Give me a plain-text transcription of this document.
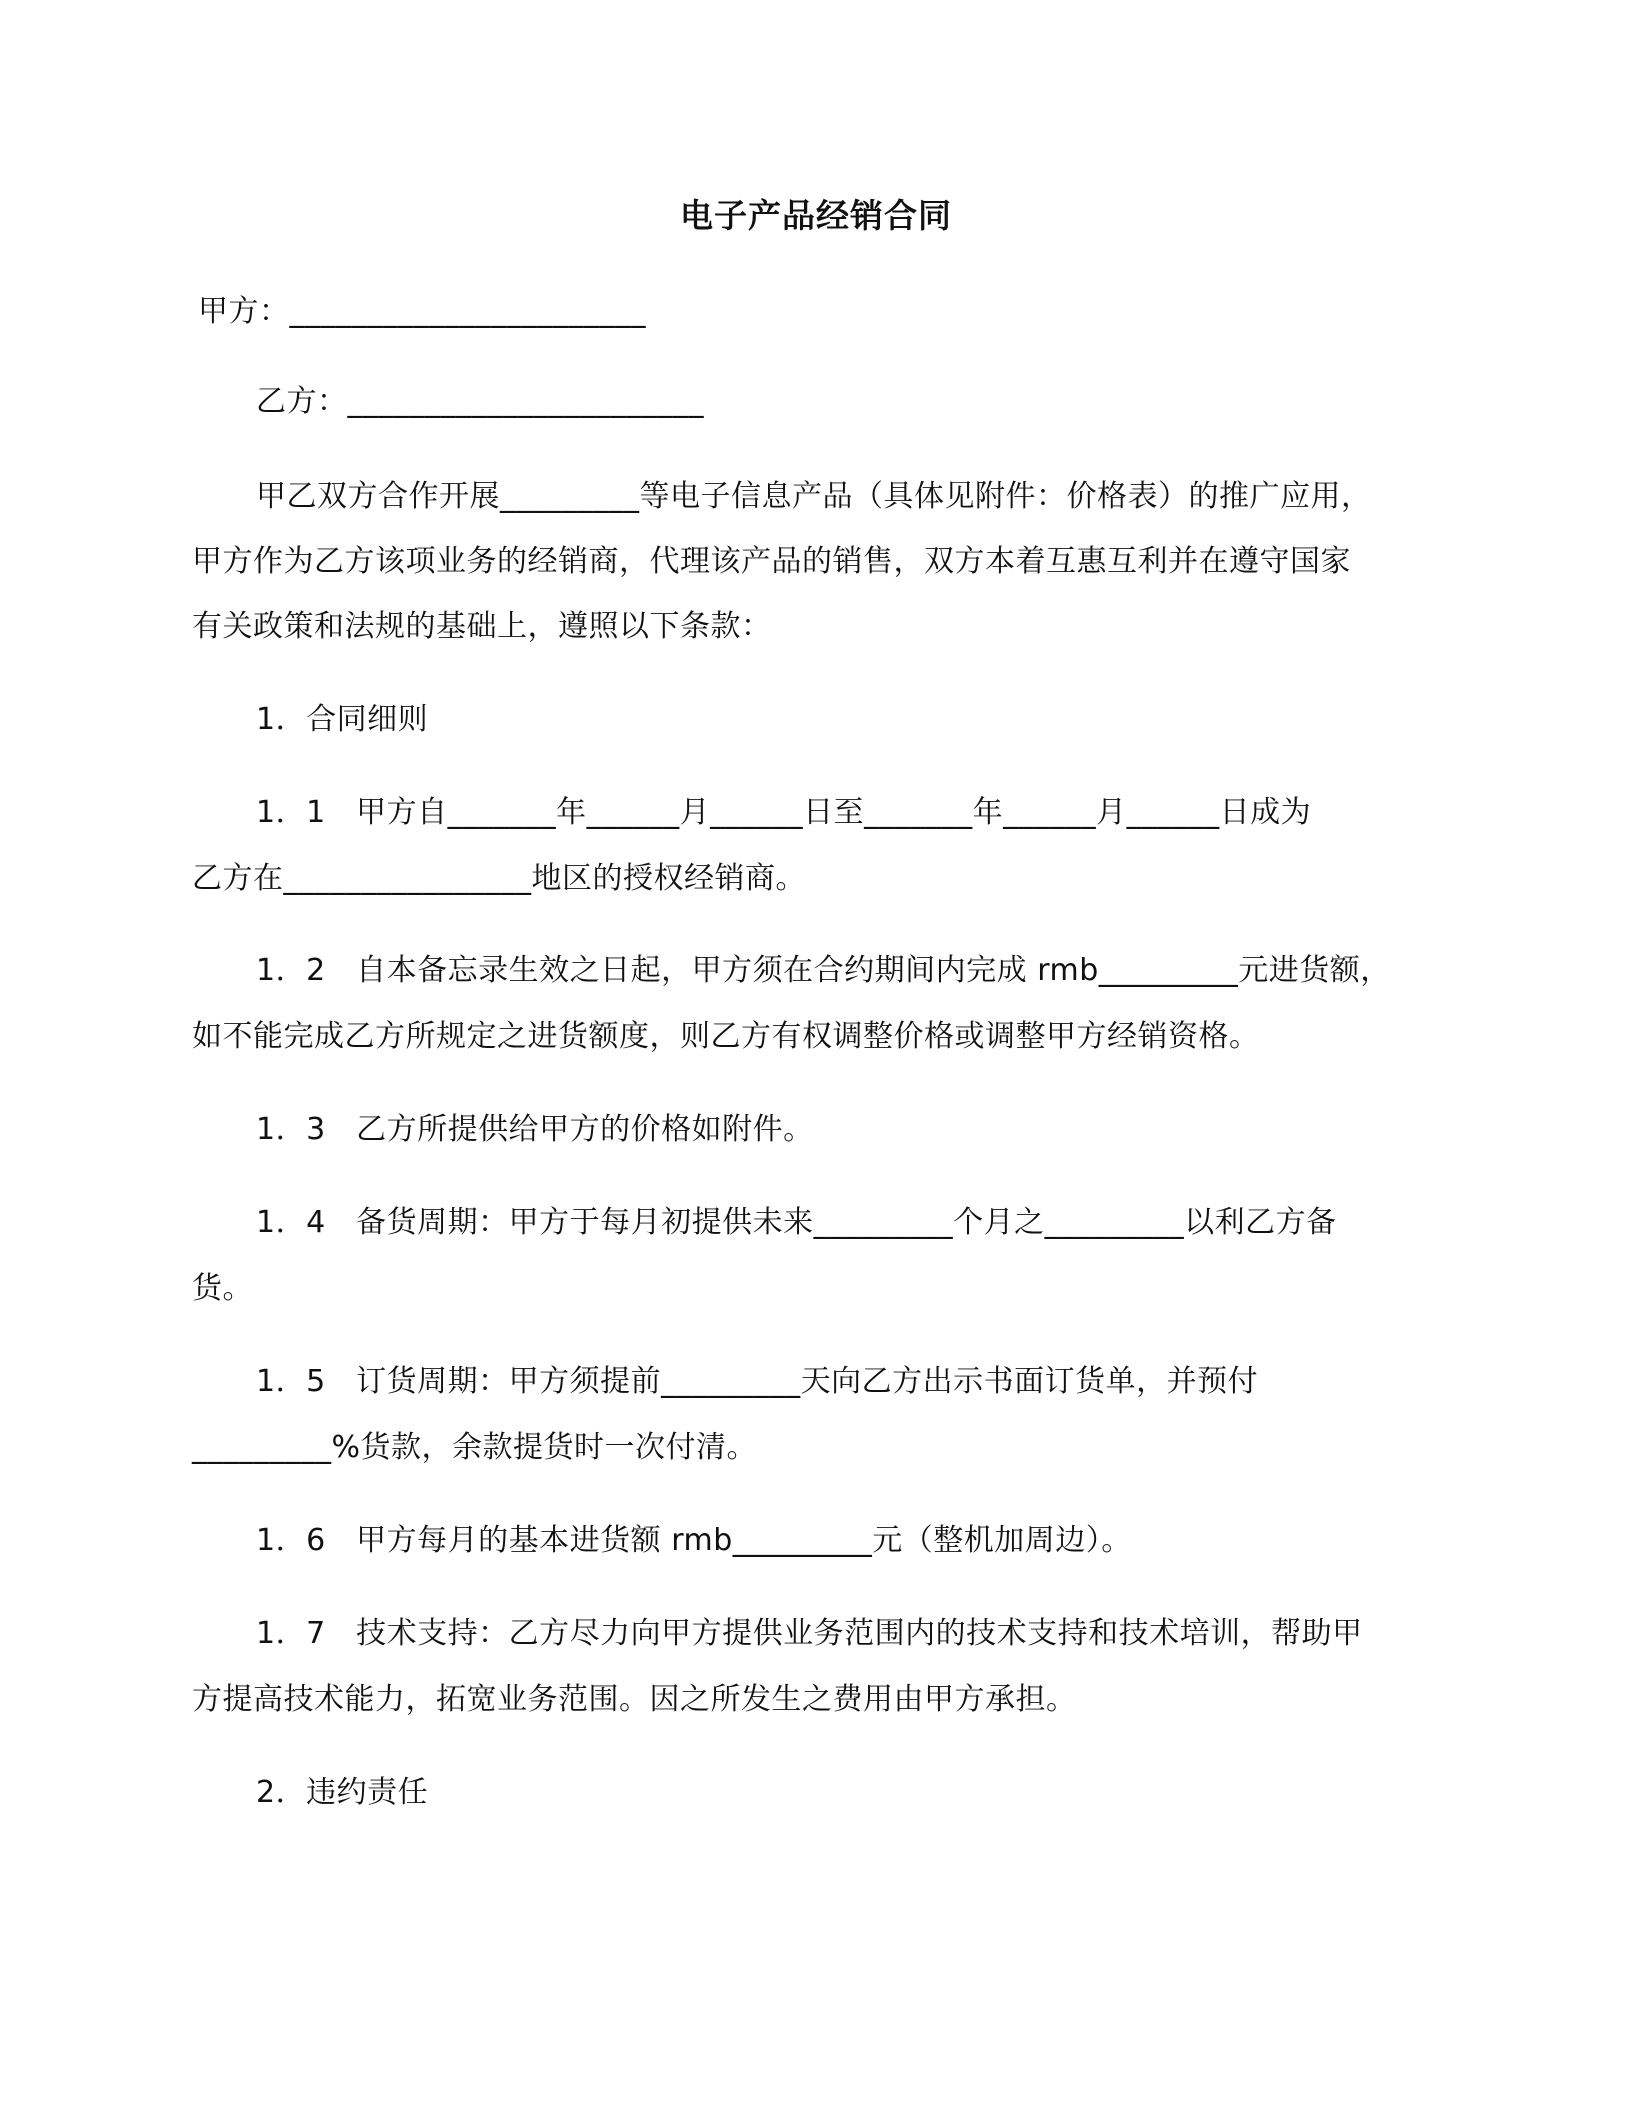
电子产品经销合同
甲方：_______________________
乙方：_______________________
甲乙双方合作开展_________等电子信息产品（具体见附件：价格表）的推广应用，
甲方作为乙方该项业务的经销商，代理该产品的销售，双方本着互惠互利并在遵守国家
有关政策和法规的基础上，遵照以下条款：
1．合同细则
1．1　甲方自_______年______月______日至_______年______月______日成为
乙方在________________地区的授权经销商。
1．2　自本备忘录生效之日起，甲方须在合约期间内完成 rmb_________元进货额，
如不能完成乙方所规定之进货额度，则乙方有权调整价格或调整甲方经销资格。
1．3　乙方所提供给甲方的价格如附件。
1．4　备货周期：甲方于每月初提供未来_________个月之_________以利乙方备
货。
1．5　订货周期：甲方须提前_________天向乙方出示书面订货单，并预付
_________%货款，余款提货时一次付清。
1．6　甲方每月的基本进货额 rmb_________元（整机加周边）。
1．7　技术支持：乙方尽力向甲方提供业务范围内的技术支持和技术培训，帮助甲
方提高技术能力，拓宽业务范围。因之所发生之费用由甲方承担。
2．违约责任
